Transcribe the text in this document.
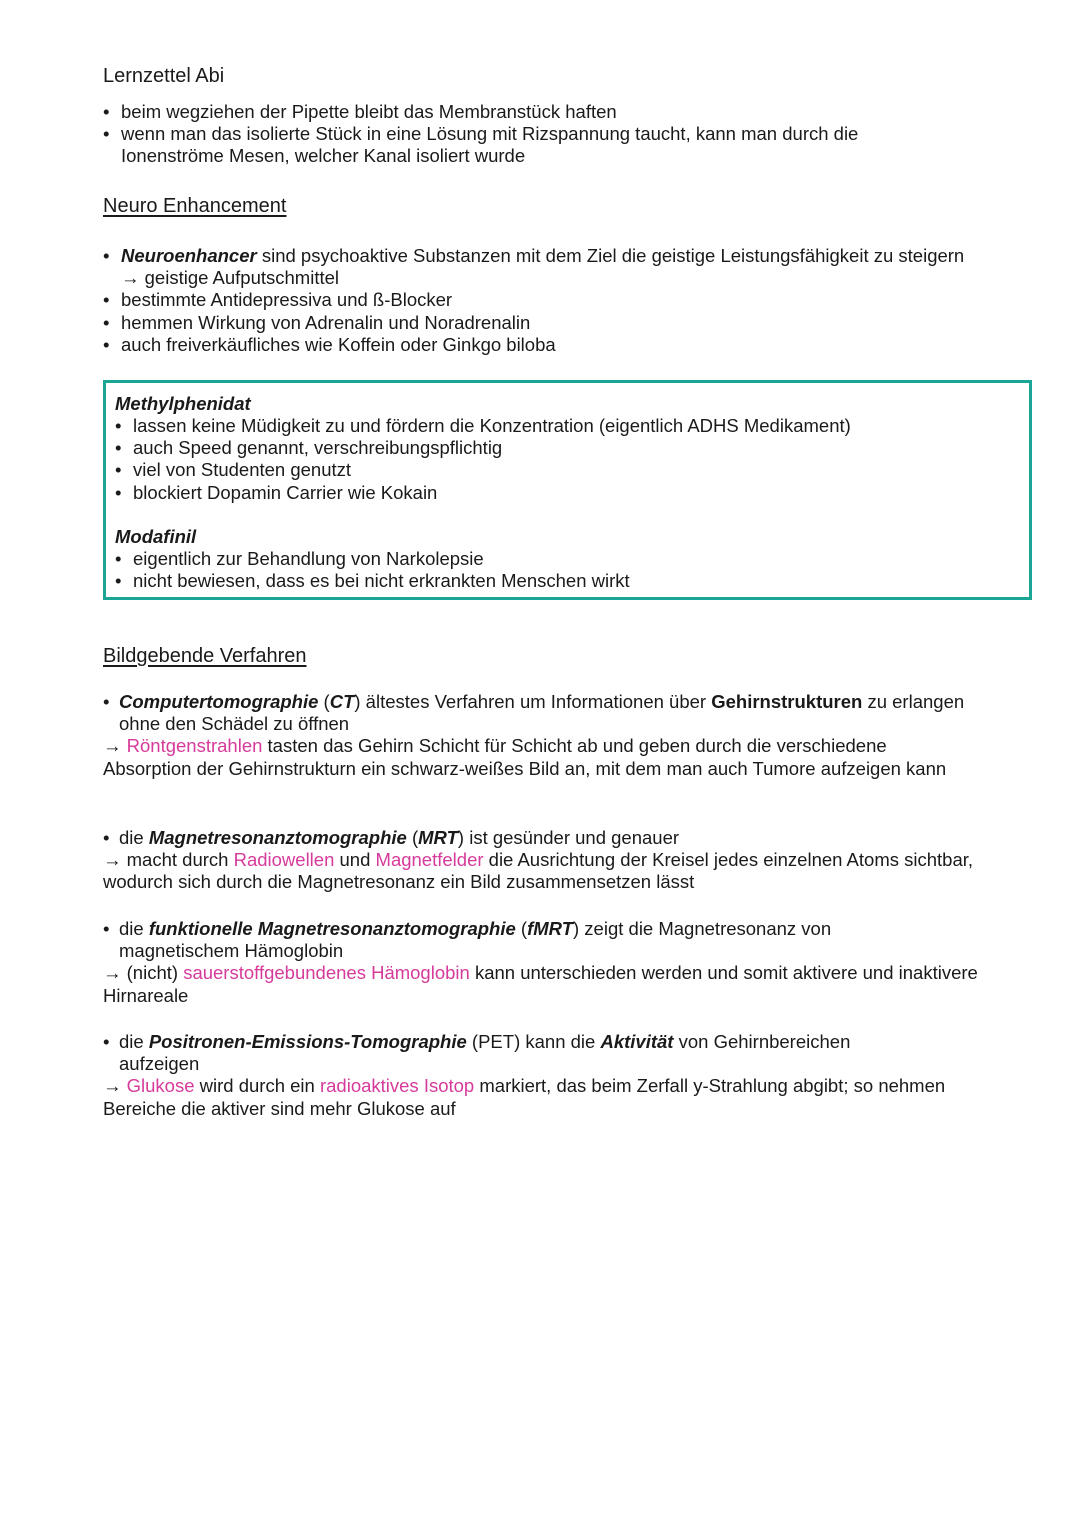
Lernzettel Abi
• beim wegziehen der Pipette bleibt das Membranstück haften
• wenn man das isolierte Stück in eine Lösung mit Rizspannung taucht, kann man durch die Ionenströme Mesen, welcher Kanal isoliert wurde
Neuro Enhancement
• Neuroenhancer sind psychoaktive Substanzen mit dem Ziel die geistige Leistungsfähigkeit zu steigern → geistige Aufputschmittel
• bestimmte Antidepressiva und ß-Blocker
• hemmen Wirkung von Adrenalin und Noradrenalin
• auch freiverkäufliches wie Koffein oder Ginkgo biloba
Methylphenidat
• lassen keine Müdigkeit zu und fördern die Konzentration (eigentlich ADHS Medikament)
• auch Speed genannt, verschreibungspflichtig
• viel von Studenten genutzt
• blockiert Dopamin Carrier wie Kokain
Modafinil
• eigentlich zur Behandlung von Narkolepsie
• nicht bewiesen, dass es bei nicht erkrankten Menschen wirkt
Bildgebende Verfahren
• Computertomographie (CT) ältestes Verfahren um Informationen über Gehirnstrukturen zu erlangen ohne den Schädel zu öffnen
→ Röntgenstrahlen tasten das Gehirn Schicht für Schicht ab und geben durch die verschiedene Absorption der Gehirnstrukturn ein schwarz-weißes Bild an, mit dem man auch Tumore aufzeigen kann
• die Magnetresonanztomographie (MRT) ist gesünder und genauer
→ macht durch Radiowellen und Magnetfelder die Ausrichtung der Kreisel jedes einzelnen Atoms sichtbar, wodurch sich durch die Magnetresonanz ein Bild zusammensetzen lässt
• die funktionelle Magnetresonanztomographie (fMRT) zeigt die Magnetresonanz von magnetischem Hämoglobin
→ (nicht) sauerstoffgebundenes Hämoglobin kann unterschieden werden und somit aktivere und inaktivere Hirnareale
• die Positronen-Emissions-Tomographie (PET) kann die Aktivität von Gehirnbereichen aufzeigen
→ Glukose wird durch ein radioaktives Isotop markiert, das beim Zerfall y-Strahlung abgibt; so nehmen Bereiche die aktiver sind mehr Glukose auf
